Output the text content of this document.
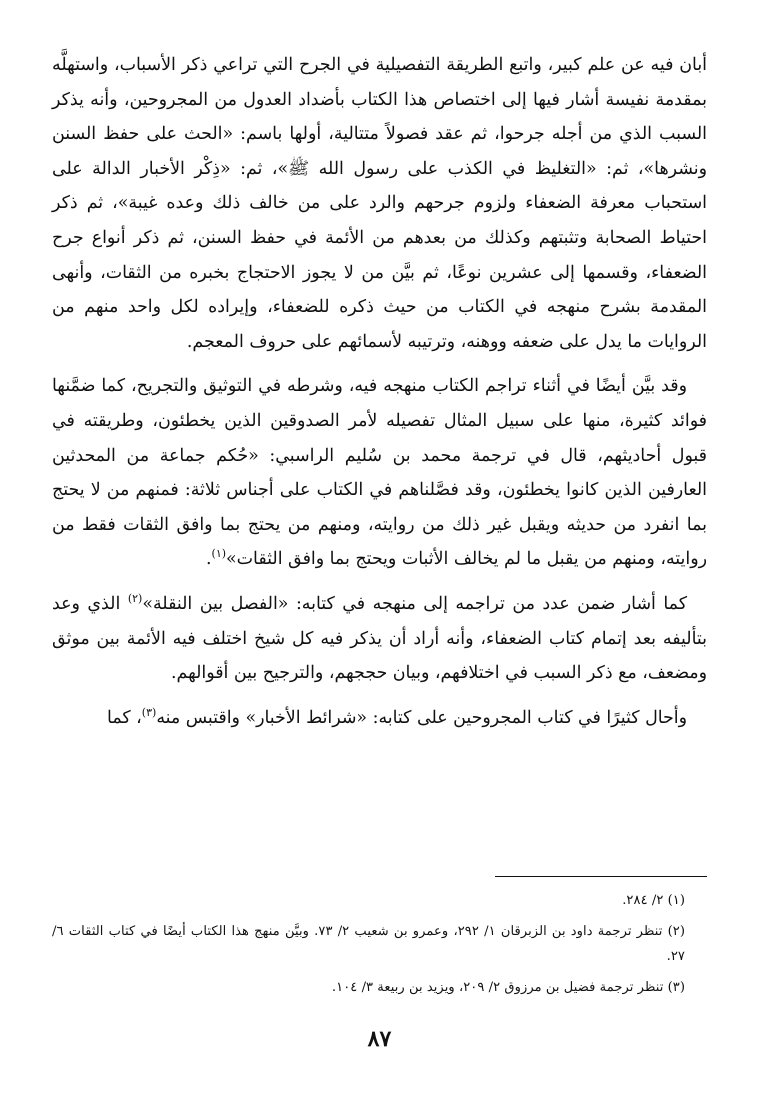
أبان فيه عن علم كبير، واتبع الطريقة التفصيلية في الجرح التي تراعي ذكر الأسباب، واستهلَّه بمقدمة نفيسة أشار فيها إلى اختصاص هذا الكتاب بأضداد العدول من المجروحين، وأنه يذكر السبب الذي من أجله جرحوا، ثم عقد فصولاً متتالية، أولها باسم: «الحث على حفظ السنن ونشرها»، ثم: «التغليظ في الكذب على رسول الله ﷺ»، ثم: «ذِكْر الأخبار الدالة على استحباب معرفة الضعفاء ولزوم جرحهم والرد على من خالف ذلك وعده غيبة»، ثم ذكر احتياط الصحابة وتثبتهم وكذلك من بعدهم من الأئمة في حفظ السنن، ثم ذكر أنواع جرح الضعفاء، وقسمها إلى عشرين نوعًا، ثم بيَّن من لا يجوز الاحتجاج بخبره من الثقات، وأنهى المقدمة بشرح منهجه في الكتاب من حيث ذكره للضعفاء، وإيراده لكل واحد منهم من الروايات ما يدل على ضعفه ووهنه، وترتيبه لأسمائهم على حروف المعجم.

وقد بيَّن أيضًا في أثناء تراجم الكتاب منهجه فيه، وشرطه في التوثيق والتجريح، كما ضمَّنها فوائد كثيرة، منها على سبيل المثال تفصيله لأمر الصدوقين الذين يخطئون، وطريقته في قبول أحاديثهم، قال في ترجمة محمد بن سُليم الراسبي: «حُكم جماعة من المحدثين العارفين الذين كانوا يخطئون، وقد فصَّلناهم في الكتاب على أجناس ثلاثة: فمنهم من لا يحتج بما انفرد من حديثه ويقبل غير ذلك من روايته، ومنهم من يحتج بما وافق الثقات فقط من روايته، ومنهم من يقبل ما لم يخالف الأثبات ويحتج بما وافق الثقات»$^{(١)}$.

كما أشار ضمن عدد من تراجمه إلى منهجه في كتابه: «الفصل بين النقلة»$^{(٢)}$ الذي وعد بتأليفه بعد إتمام كتاب الضعفاء، وأنه أراد أن يذكر فيه كل شيخ اختلف فيه الأئمة بين موثق ومضعف، مع ذكر السبب في اختلافهم، وبيان حججهم، والترجيح بين أقوالهم.

وأحال كثيرًا في كتاب المجروحين على كتابه: «شرائط الأخبار» واقتبس منه$^{(٣)}$، كما

(١) ٢/ ٢٨٤.

(٢) تنظر ترجمة داود بن الزبرقان ١/ ٢٩٢، وعمرو بن شعيب ٢/ ٧٣. وبيَّن منهج هذا الكتاب أيضًا في كتاب الثقات ٦/ ٢٧.

(٣) تنظر ترجمة فضيل بن مرزوق ٢/ ٢٠٩، ويزيد بن ربيعة ٣/ ١٠٤.

٨٧
